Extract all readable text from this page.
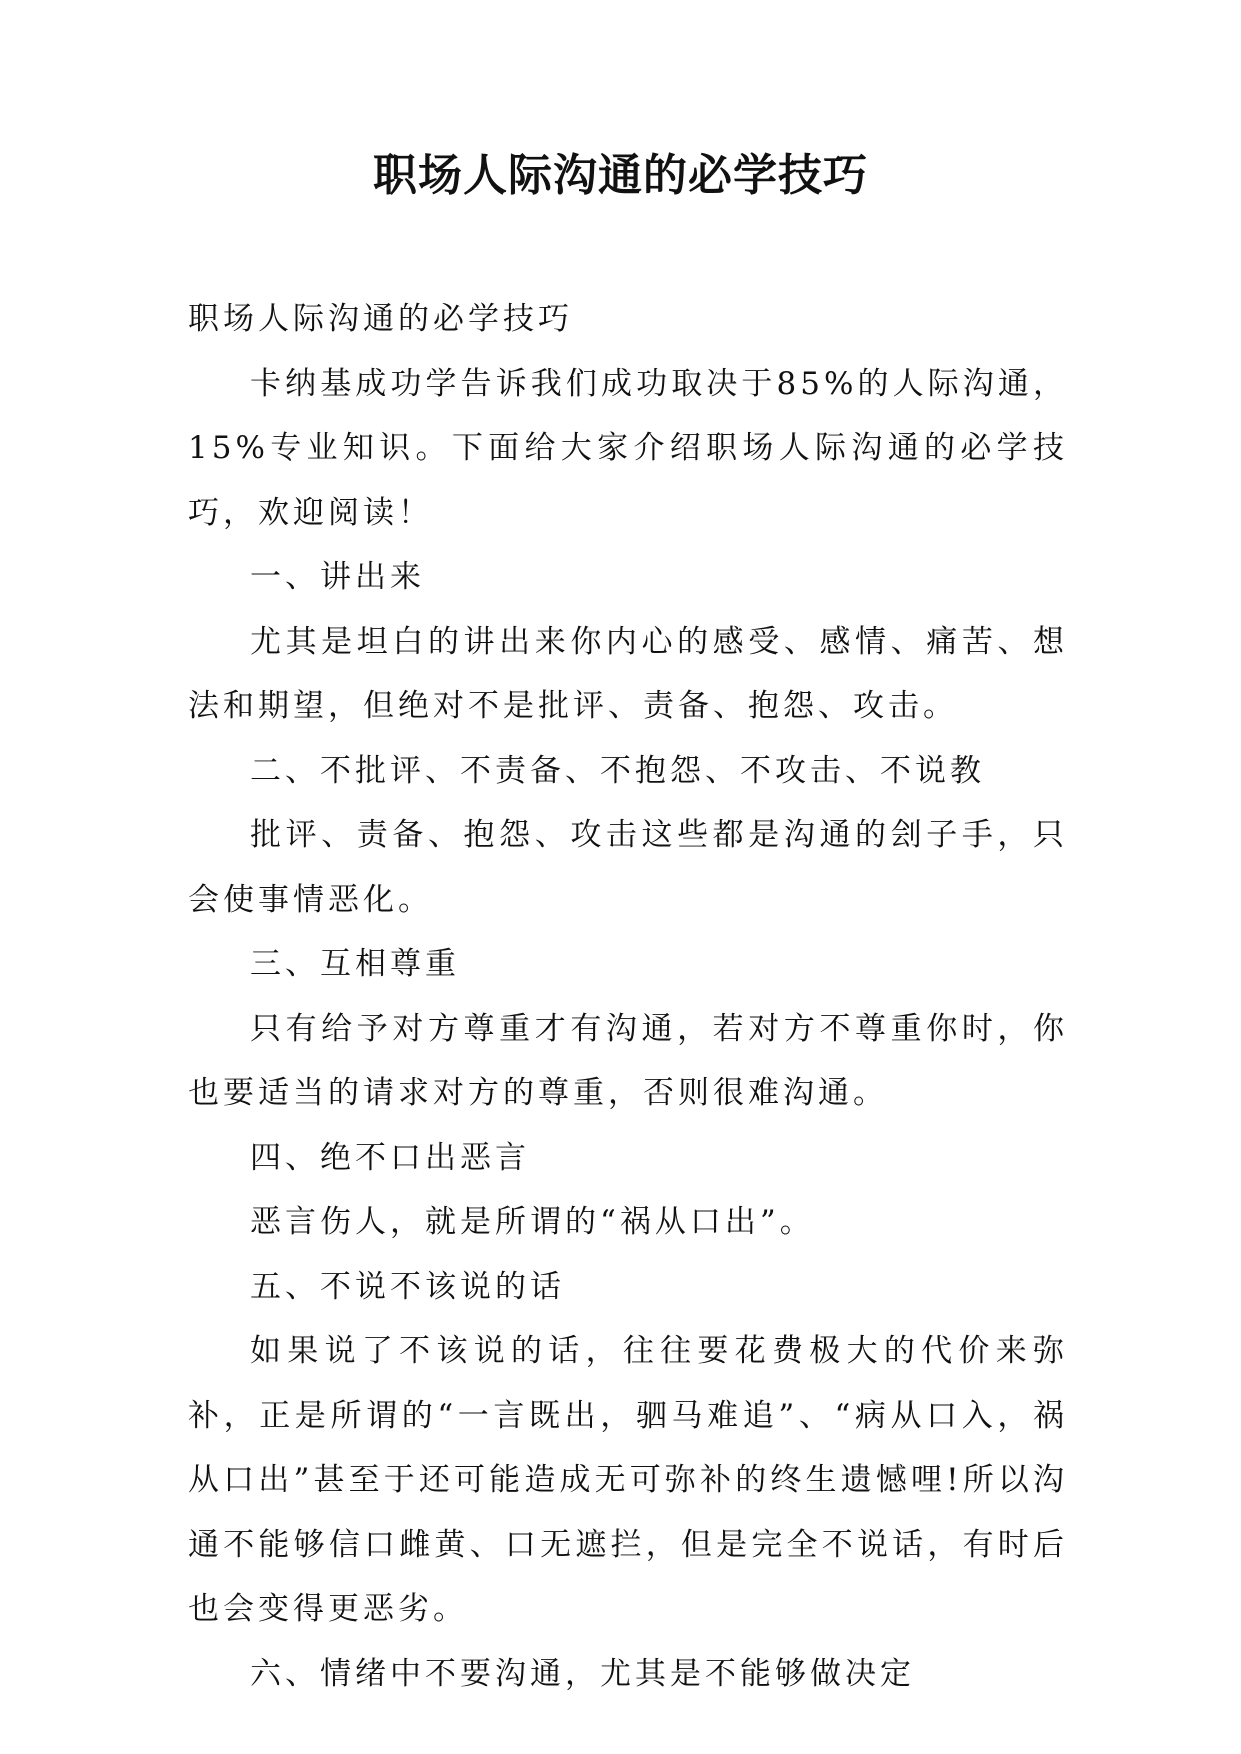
职场人际沟通的必学技巧

职场人际沟通的必学技巧

卡纳基成功学告诉我们成功取决于85%的人际沟通，15%专业知识。下面给大家介绍职场人际沟通的必学技巧，欢迎阅读！

一、讲出来

尤其是坦白的讲出来你内心的感受、感情、痛苦、想法和期望，但绝对不是批评、责备、抱怨、攻击。

二、不批评、不责备、不抱怨、不攻击、不说教

批评、责备、抱怨、攻击这些都是沟通的刽子手，只会使事情恶化。

三、互相尊重

只有给予对方尊重才有沟通，若对方不尊重你时，你也要适当的请求对方的尊重，否则很难沟通。

四、绝不口出恶言

恶言伤人，就是所谓的“祸从口出”。

五、不说不该说的话

如果说了不该说的话，往往要花费极大的代价来弥补，正是所谓的“一言既出，驷马难追”、“病从口入，祸从口出”甚至于还可能造成无可弥补的终生遗憾哩!所以沟通不能够信口雌黄、口无遮拦，但是完全不说话，有时后也会变得更恶劣。

六、情绪中不要沟通，尤其是不能够做决定
